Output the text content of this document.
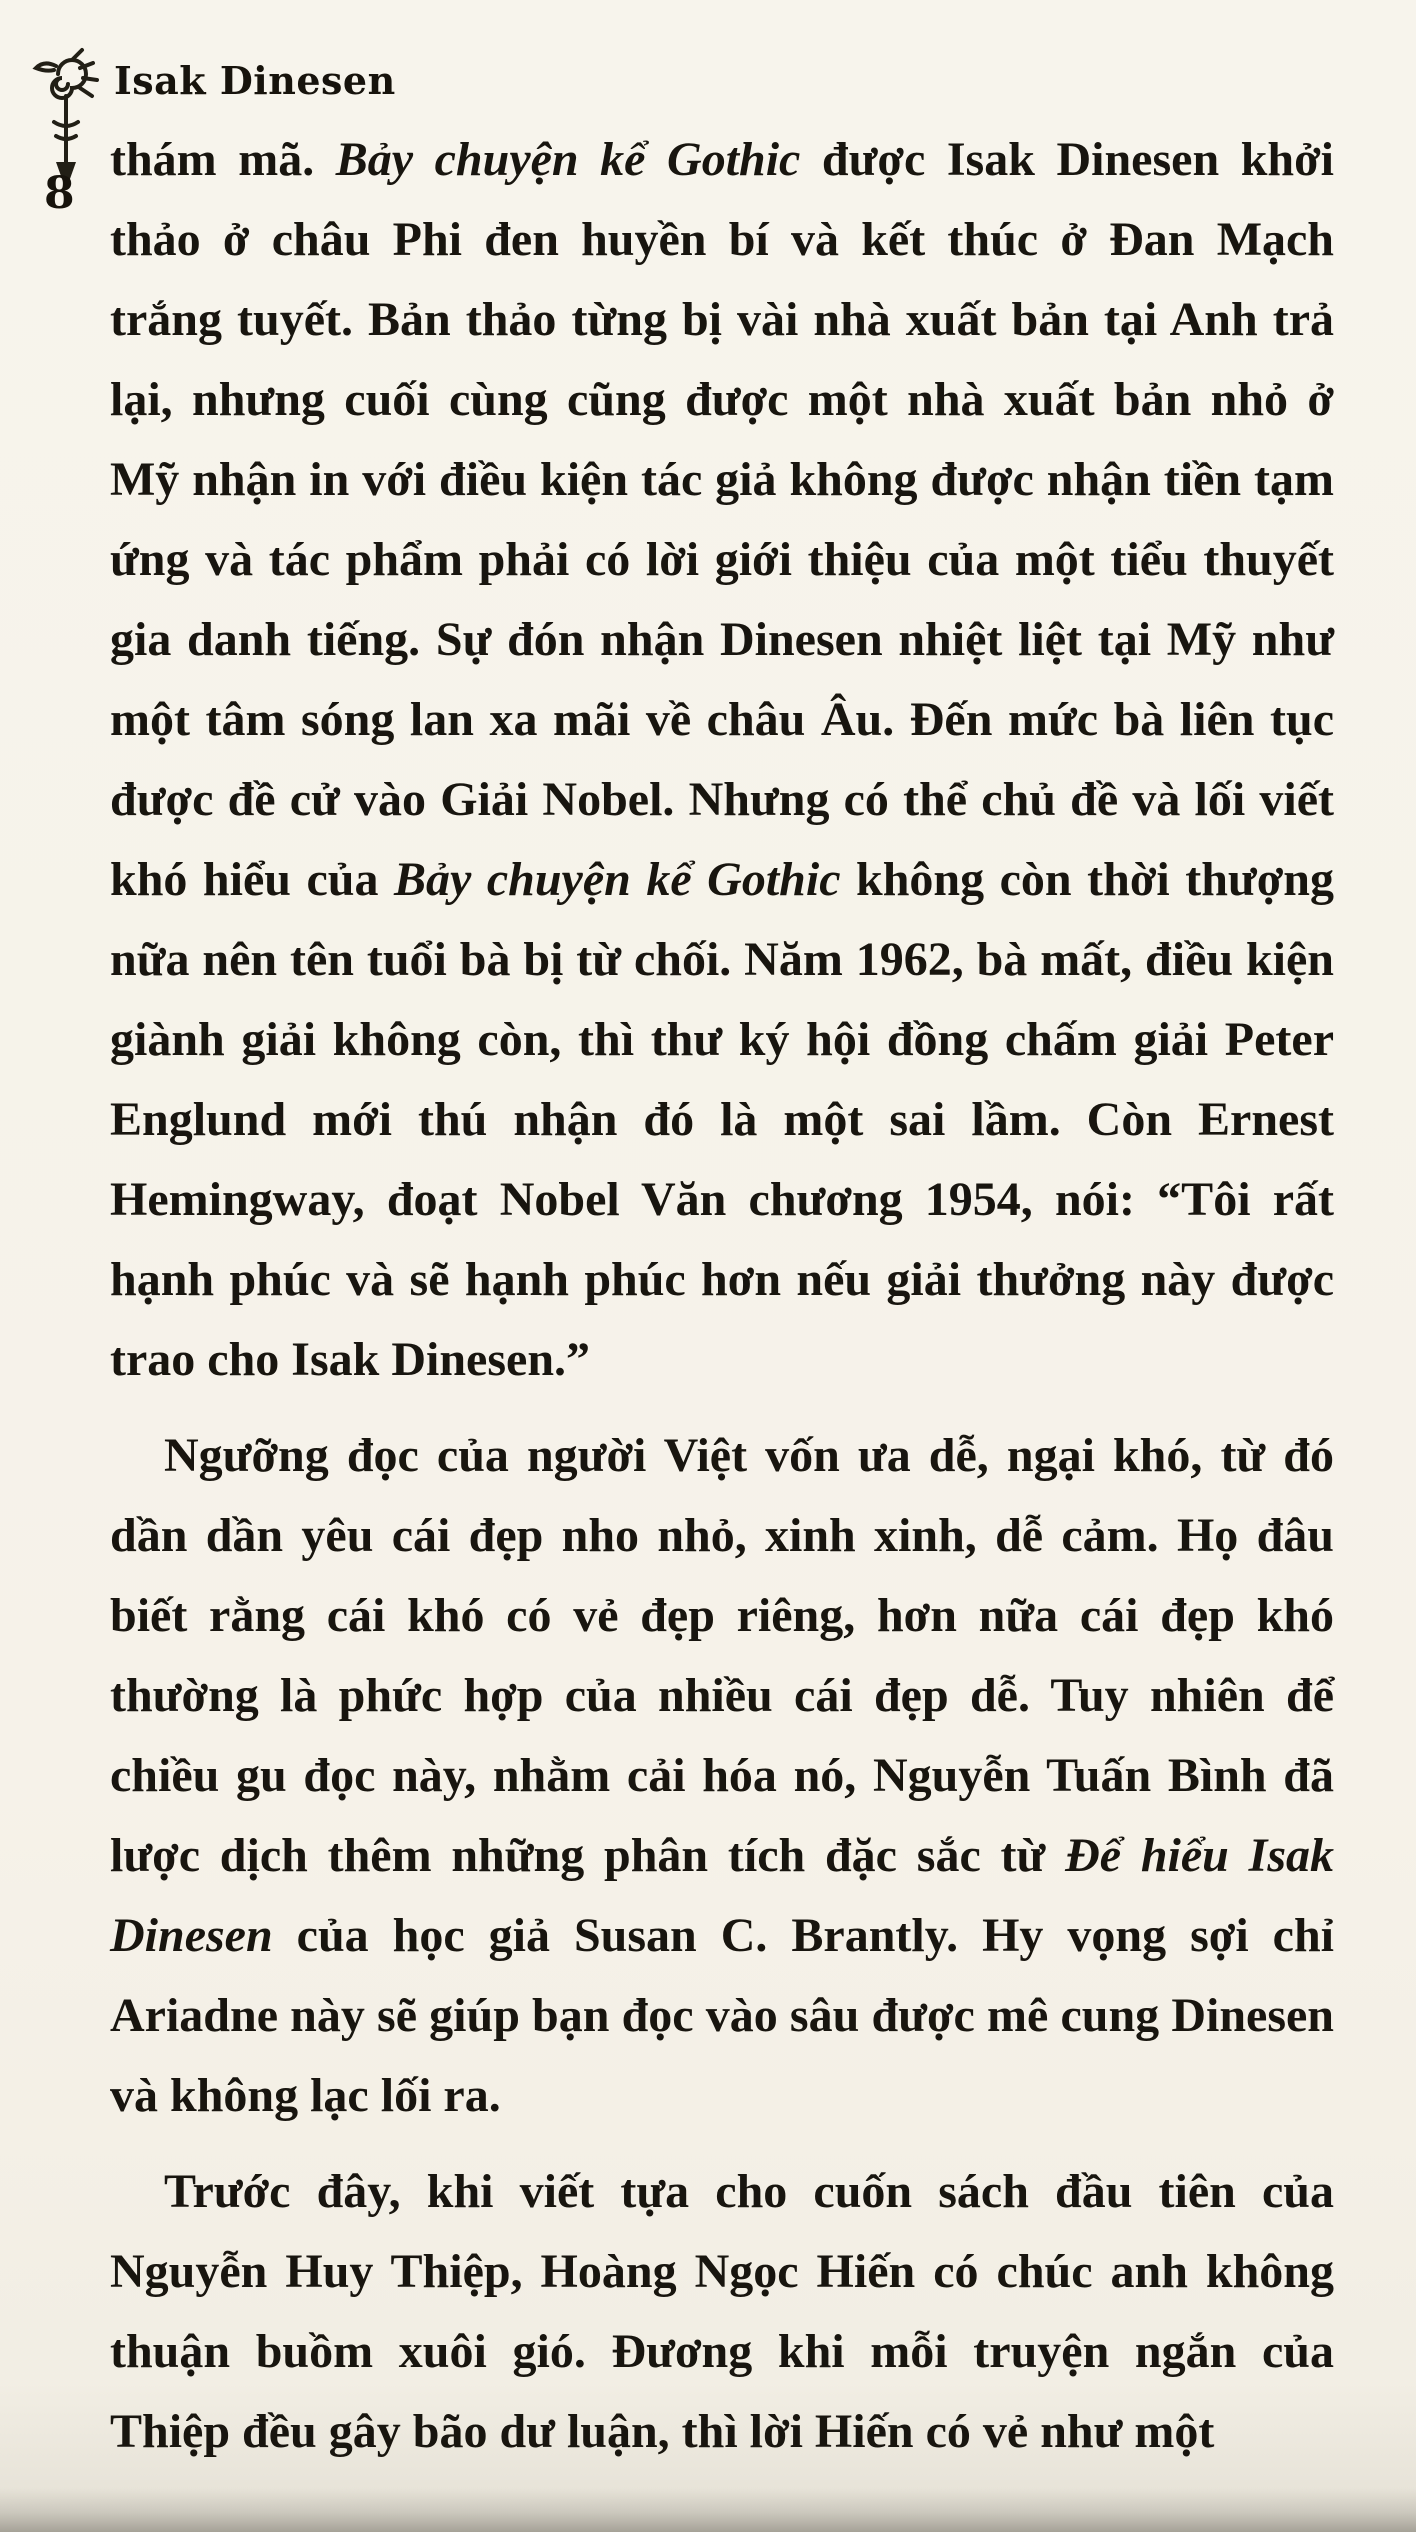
Isak Dinesen
8

thám mã. Bảy chuyện kể Gothic được Isak Dinesen khởi thảo ở châu Phi đen huyền bí và kết thúc ở Đan Mạch trắng tuyết. Bản thảo từng bị vài nhà xuất bản tại Anh trả lại, nhưng cuối cùng cũng được một nhà xuất bản nhỏ ở Mỹ nhận in với điều kiện tác giả không được nhận tiền tạm ứng và tác phẩm phải có lời giới thiệu của một tiểu thuyết gia danh tiếng. Sự đón nhận Dinesen nhiệt liệt tại Mỹ như một tâm sóng lan xa mãi về châu Âu. Đến mức bà liên tục được đề cử vào Giải Nobel. Nhưng có thể chủ đề và lối viết khó hiểu của Bảy chuyện kể Gothic không còn thời thượng nữa nên tên tuổi bà bị từ chối. Năm 1962, bà mất, điều kiện giành giải không còn, thì thư ký hội đồng chấm giải Peter Englund mới thú nhận đó là một sai lầm. Còn Ernest Hemingway, đoạt Nobel Văn chương 1954, nói: “Tôi rất hạnh phúc và sẽ hạnh phúc hơn nếu giải thưởng này được trao cho Isak Dinesen.”

Ngưỡng đọc của người Việt vốn ưa dễ, ngại khó, từ đó dần dần yêu cái đẹp nho nhỏ, xinh xinh, dễ cảm. Họ đâu biết rằng cái khó có vẻ đẹp riêng, hơn nữa cái đẹp khó thường là phức hợp của nhiều cái đẹp dễ. Tuy nhiên để chiều gu đọc này, nhằm cải hóa nó, Nguyễn Tuấn Bình đã lược dịch thêm những phân tích đặc sắc từ Để hiểu Isak Dinesen của học giả Susan C. Brantly. Hy vọng sợi chỉ Ariadne này sẽ giúp bạn đọc vào sâu được mê cung Dinesen và không lạc lối ra.

Trước đây, khi viết tựa cho cuốn sách đầu tiên của Nguyễn Huy Thiệp, Hoàng Ngọc Hiến có chúc anh không thuận buồm xuôi gió. Đương khi mỗi truyện ngắn của Thiệp đều gây bão dư luận, thì lời Hiến có vẻ như một
